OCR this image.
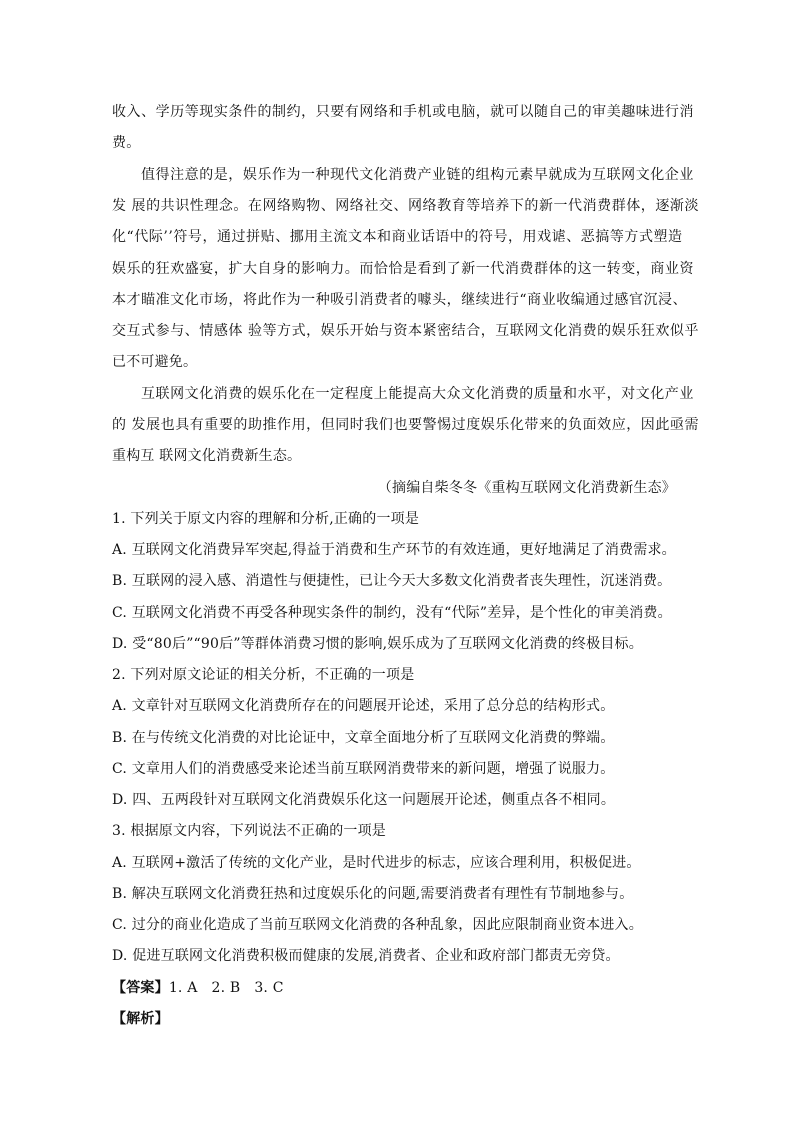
收入、学历等现实条件的制约，只要有网络和手机或电脑，就可以随自己的审美趣味进行消
费。
值得注意的是，娱乐作为一种现代文化消费产业链的组构元素早就成为互联网文化企业
发 展的共识性理念。在网络购物、网络社交、网络教育等培养下的新一代消费群体，逐渐淡
化“代际’’符号，通过拼贴、挪用主流文本和商业话语中的符号，用戏谑、恶搞等方式塑造
娱乐的狂欢盛宴，扩大自身的影响力。而恰恰是看到了新一代消费群体的这一转变，商业资
本才瞄准文化市场，将此作为一种吸引消费者的噱头，继续进行“商业收编通过感官沉浸、
交互式参与、情感体 验等方式，娱乐开始与资本紧密结合，互联网文化消费的娱乐狂欢似乎
已不可避免。
互联网文化消费的娱乐化在一定程度上能提高大众文化消费的质量和水平，对文化产业
的 发展也具有重要的助推作用，但同时我们也要警惕过度娱乐化带来的负面效应，因此亟需
重构互 联网文化消费新生态。
（摘编自柴冬冬《重构互联网文化消费新生态》
1. 下列关于原文内容的理解和分析,正确的一项是
A. 互联网文化消费异军突起,得益于消费和生产环节的有效连通，更好地满足了消费需求。
B. 互联网的浸入感、消遣性与便捷性，已让今天大多数文化消费者丧失理性，沉迷消费。
C. 互联网文化消费不再受各种现实条件的制约，没有“代际”差异，是个性化的审美消费。
D. 受“80后”“90后”等群体消费习惯的影响,娱乐成为了互联网文化消费的终极目标。
2. 下列对原文论证的相关分析，不正确的一项是
A. 文章针对互联网文化消费所存在的问题展开论述，采用了总分总的结构形式。
B. 在与传统文化消费的对比论证中，文章全面地分析了互联网文化消费的弊端。
C. 文章用人们的消费感受来论述当前互联网消费带来的新问题，增强了说服力。
D. 四、五两段针对互联网文化消费娱乐化这一问题展开论述，侧重点各不相同。
3. 根据原文内容，下列说法不正确的一项是
A. 互联网+激活了传统的文化产业，是时代进步的标志，应该合理利用，积极促进。
B. 解决互联网文化消费狂热和过度娱乐化的问题,需要消费者有理性有节制地参与。
C. 过分的商业化造成了当前互联网文化消费的各种乱象，因此应限制商业资本进入。
D. 促进互联网文化消费积极而健康的发展,消费者、企业和政府部门都责无旁贷。
【答案】1. A   2. B   3. C
【解析】
